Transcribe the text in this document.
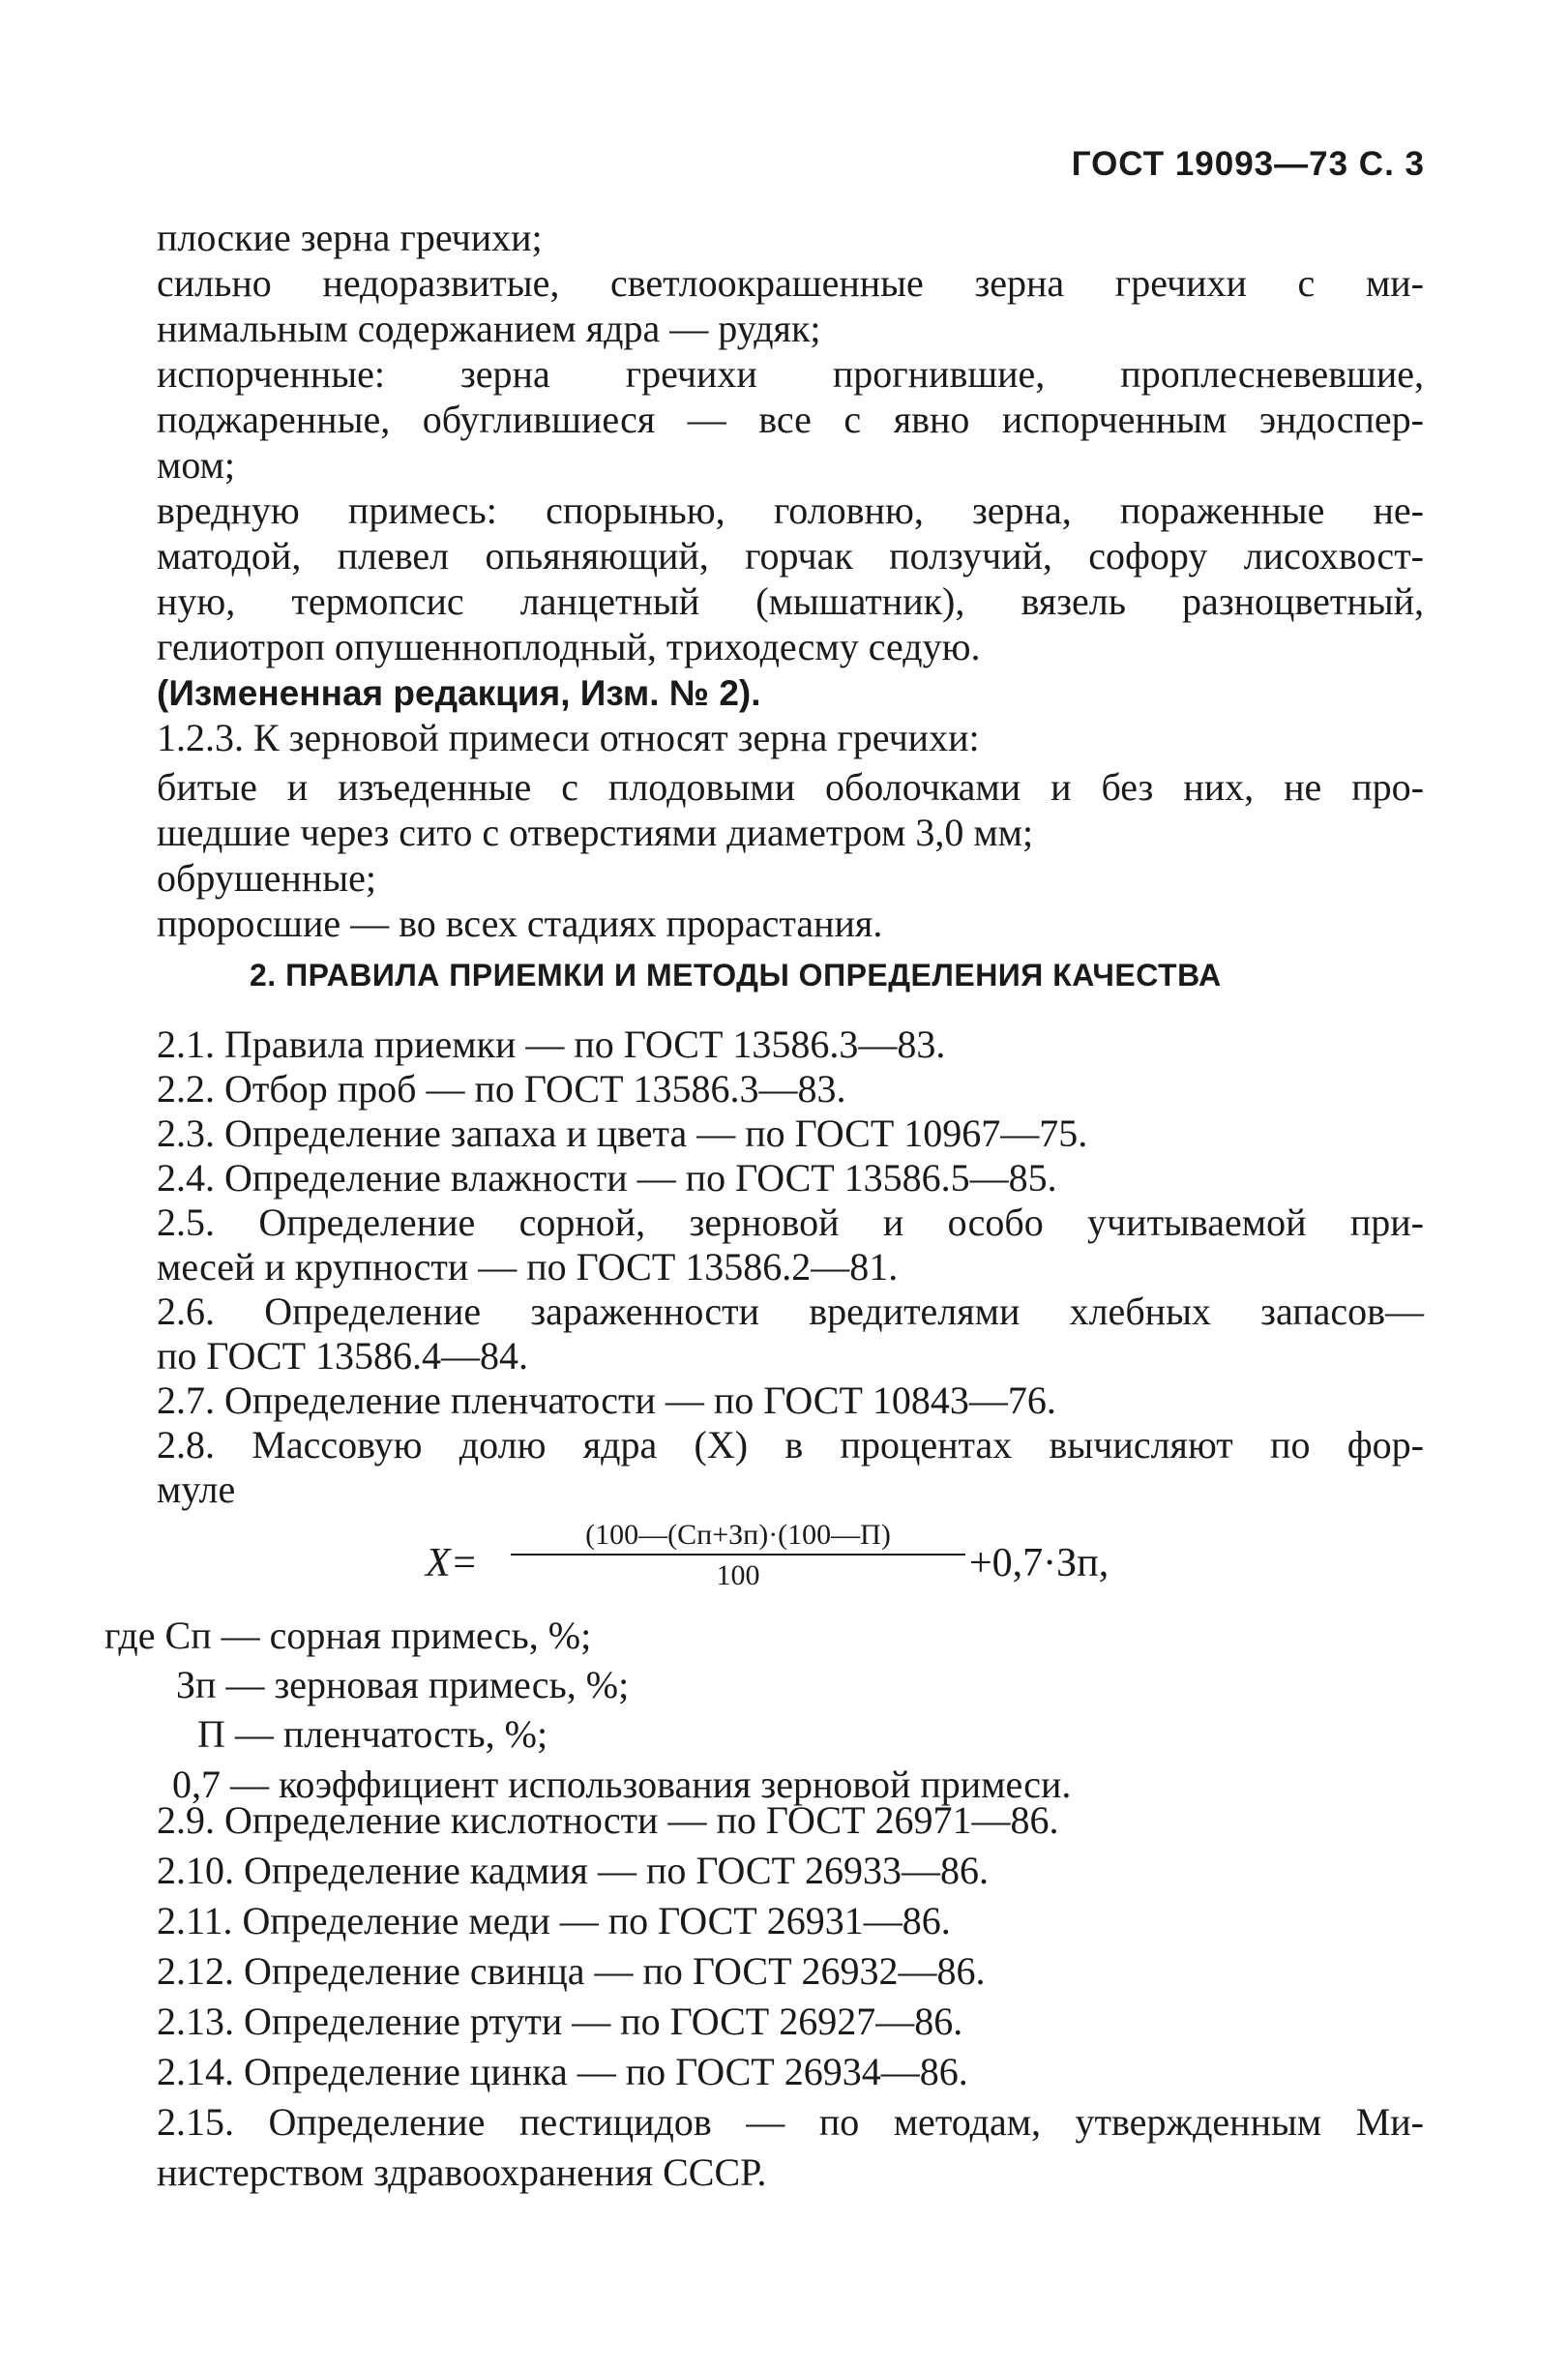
ГОСТ 19093—73 С. 3
плоские зерна гречихи;
сильно недоразвитые, светлоокрашенные зерна гречихи с ми-
нимальным содержанием ядра — рудяк;
испорченные: зерна гречихи прогнившие, проплесневевшие,
поджаренные, обуглившиеся — все с явно испорченным эндоспер-
мом;
вредную примесь: спорынью, головню, зерна, пораженные не-
матодой, плевел опьяняющий, горчак ползучий, софору лисохвост-
ную, термопсис ланцетный (мышатник), вязель разноцветный,
гелиотроп опушенноплодный, триходесму седую.
(Измененная редакция, Изм. № 2).
1.2.3. К зерновой примеси относят зерна гречихи:
битые и изъеденные с плодовыми оболочками и без них, не про-
шедшие через сито с отверстиями диаметром 3,0 мм;
обрушенные;
проросшие — во всех стадиях прорастания.
2. ПРАВИЛА ПРИЕМКИ И МЕТОДЫ ОПРЕДЕЛЕНИЯ КАЧЕСТВА
2.1. Правила приемки — по ГОСТ 13586.3—83.
2.2. Отбор проб — по ГОСТ 13586.3—83.
2.3. Определение запаха и цвета — по ГОСТ 10967—75.
2.4. Определение влажности — по ГОСТ 13586.5—85.
2.5. Определение сорной, зерновой и особо учитываемой при-
месей и крупности — по ГОСТ 13586.2—81.
2.6. Определение зараженности вредителями хлебных запасов—
по ГОСТ 13586.4—84.
2.7. Определение пленчатости — по ГОСТ 10843—76.
2.8. Массовую долю ядра (X) в процентах вычисляют по фор-
муле
X=
(100—(Сп+Зп)·(100—П)
100	+0,7·Зп,
где Сп — сорная примесь, %;
Зп — зерновая примесь, %;
П — пленчатость, %;
0,7 — коэффициент использования зерновой примеси.
2.9. Определение кислотности — по ГОСТ 26971—86.
2.10. Определение кадмия — по ГОСТ 26933—86.
2.11. Определение меди — по ГОСТ 26931—86.
2.12. Определение свинца — по ГОСТ 26932—86.
2.13. Определение ртути — по ГОСТ 26927—86.
2.14. Определение цинка — по ГОСТ 26934—86.
2.15. Определение пестицидов — по методам, утвержденным Ми-
нистерством здравоохранения СССР.
